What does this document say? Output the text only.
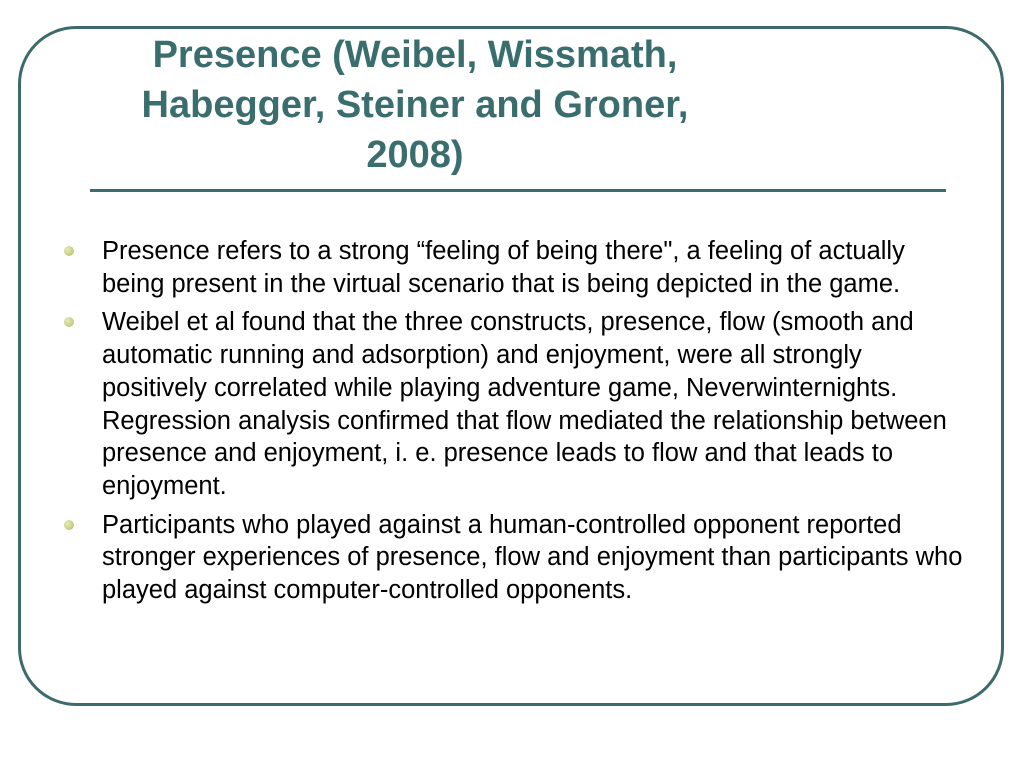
Presence (Weibel, Wissmath, Habegger, Steiner and Groner, 2008)
Presence refers to a strong “feeling of being there", a feeling of actually being present in the virtual scenario that is being depicted in the game.
Weibel et al found that the three constructs, presence, flow (smooth and automatic running and adsorption) and enjoyment, were all strongly positively correlated while playing adventure game, Neverwinternights. Regression analysis confirmed that flow mediated the relationship between presence and enjoyment, i. e. presence leads to flow and that leads to enjoyment.
Participants who played against a human-controlled opponent reported stronger experiences of presence, flow and enjoyment than participants who played against computer-controlled opponents.
